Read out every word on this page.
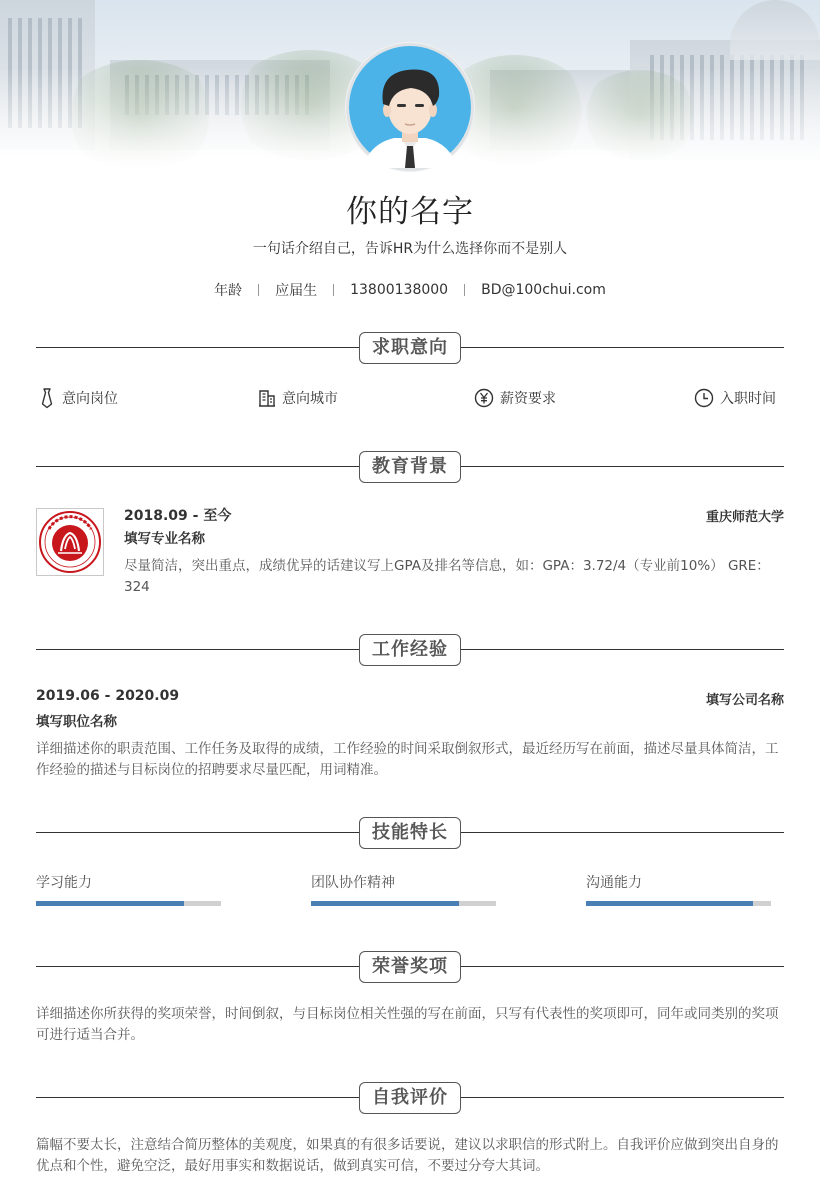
你的名字
一句话介绍自己，告诉HR为什么选择你而不是别人
年龄	应届生	13800138000	BD@100chui.com
求职意向
意向岗位	意向城市	薪资要求	入职时间
教育背景
2018.09 - 至今	重庆师范大学
填写专业名称
尽量简洁，突出重点，成绩优异的话建议写上GPA及排名等信息，如：GPA：3.72/4（专业前10%） GRE：324
工作经验
2019.06 - 2020.09	填写公司名称
填写职位名称
详细描述你的职责范围、工作任务及取得的成绩，工作经验的时间采取倒叙形式，最近经历写在前面，描述尽量具体简洁，工作经验的描述与目标岗位的招聘要求尽量匹配，用词精准。
技能特长
学习能力	团队协作精神	沟通能力
荣誉奖项
详细描述你所获得的奖项荣誉，时间倒叙，与目标岗位相关性强的写在前面，只写有代表性的奖项即可，同年或同类别的奖项可进行适当合并。
自我评价
篇幅不要太长，注意结合简历整体的美观度，如果真的有很多话要说，建议以求职信的形式附上。自我评价应做到突出自身的优点和个性，避免空泛，最好用事实和数据说话，做到真实可信，不要过分夸大其词。
